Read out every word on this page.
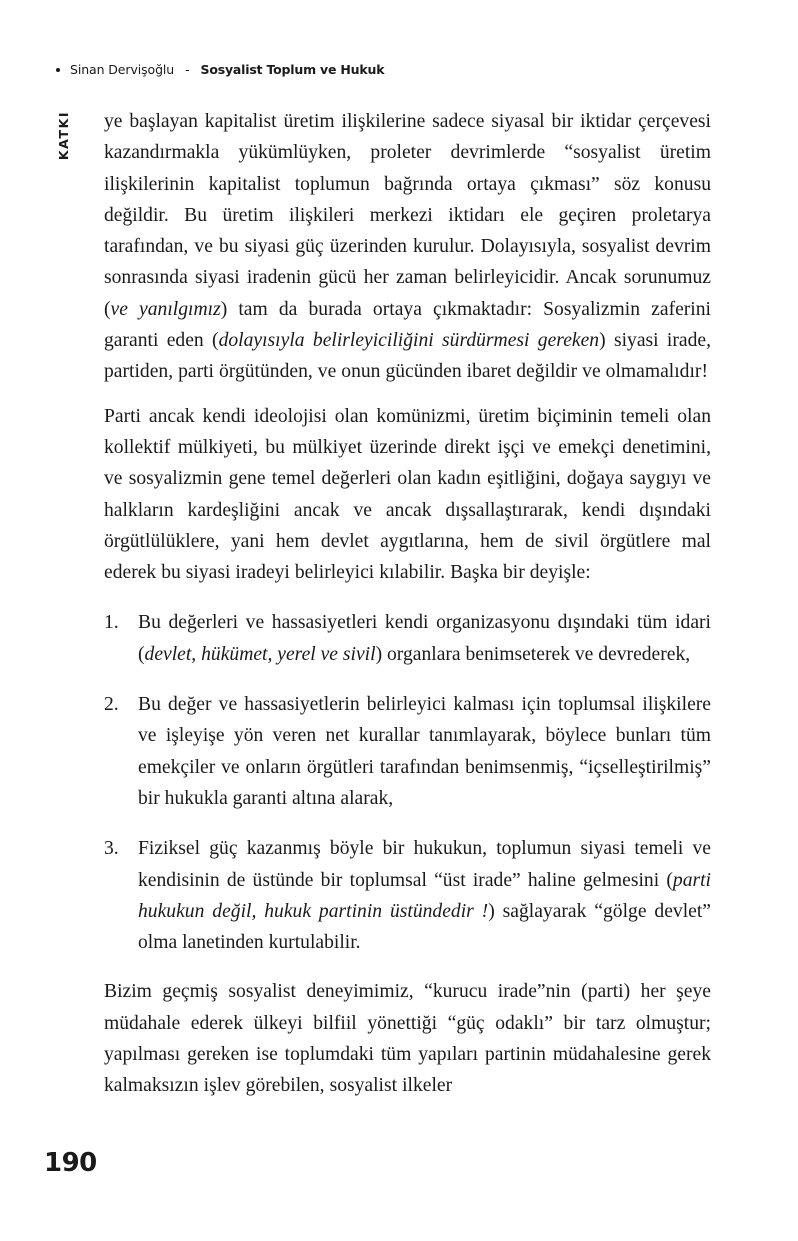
Sinan Dervişoğlu - Sosyalist Toplum ve Hukuk
KATKI ye başlayan kapitalist üretim ilişkilerine sadece siyasal bir iktidar çerçevesi kazandırmakla yükümlüyken, proleter devrimlerde “sosyalist üretim ilişkilerinin kapitalist toplumun bağrında ortaya çıkması” söz konusu değildir. Bu üretim ilişkileri merkezi iktidarı ele geçiren proletarya tarafından, ve bu siyasi güç üzerinden kurulur. Dolayısıyla, sosyalist devrim sonrasında siyasi iradenin gücü her zaman belirleyicidir. Ancak sorunumuz (ve yanılgımız) tam da burada ortaya çıkmaktadır: Sosyalizmin zaferini garanti eden (dolayısıyla belirleyiciliğini sürdürmesi gereken) siyasi irade, partiden, parti örgütünden, ve onun gücünden ibaret değildir ve olmamalıdır!

Parti ancak kendi ideolojisi olan komünizmi, üretim biçiminin temeli olan kollektif mülkiyeti, bu mülkiyet üzerinde direkt işçi ve emekçi denetimini, ve sosyalizmin gene temel değerleri olan kadın eşitliğini, doğaya saygıyı ve halkların kardeşliğini ancak ve ancak dışsallaştırarak, kendi dışındaki örgütlülüklere, yani hem devlet aygıtlarına, hem de sivil örgütlere mal ederek bu siyasi iradeyi belirleyici kılabilir. Başka bir deyişle:

1. Bu değerleri ve hassasiyetleri kendi organizasyonu dışındaki tüm idari (devlet, hükümet, yerel ve sivil) organlara benimseterek ve devrederek,
2. Bu değer ve hassasiyetlerin belirleyici kalması için toplumsal ilişkilere ve işleyişe yön veren net kurallar tanımlayarak, böylece bunları tüm emekçiler ve onların örgütleri tarafından benimsenmiş, “içselleştirilmiş” bir hukukla garanti altına alarak,
3. Fiziksel güç kazanmış böyle bir hukukun, toplumun siyasi temeli ve kendisinin de üstünde bir toplumsal “üst irade” haline gelmesini (parti hukukun değil, hukuk partinin üstündedir !) sağlayarak “gölge devlet” olma lanetinden kurtulabilir.

Bizim geçmiş sosyalist deneyimimiz, “kurucu irade”nin (parti) her şeye müdahale ederek ülkeyi bilfiil yönettiği “güç odaklı” bir tarz olmuştur; yapılması gereken ise toplumdaki tüm yapıları partinin müdahalesine gerek kalmaksızın işlev görebilen, sosyalist ilkeler

190
